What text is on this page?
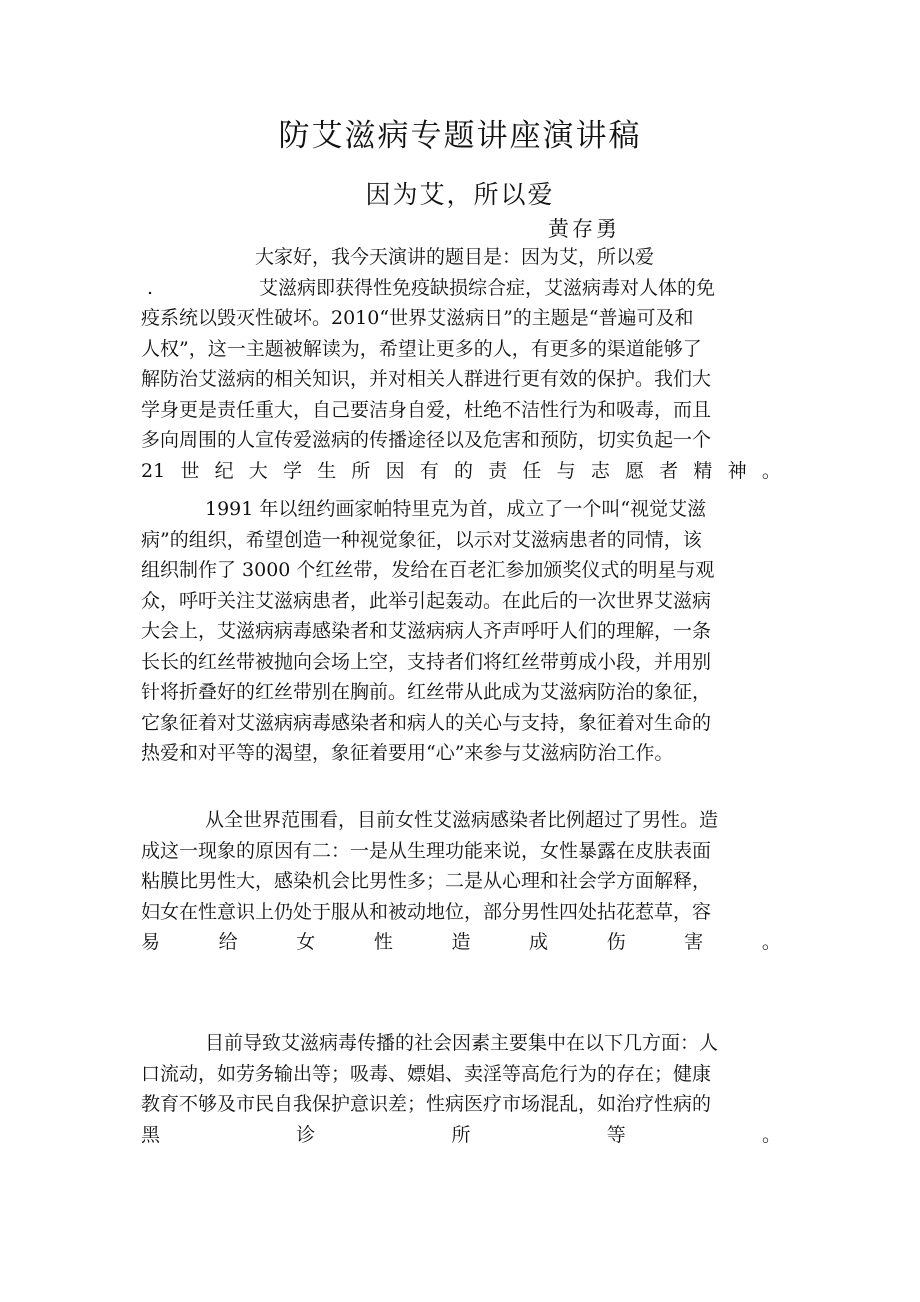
防艾滋病专题讲座演讲稿
因为艾，所以爱
黄存勇
大家好，我今天演讲的题目是：因为艾，所以爱
.	艾滋病即获得性免疫缺损综合症，艾滋病毒对人体的免
疫系统以毁灭性破坏。2010“世界艾滋病日”的主题是“普遍可及和
人权”，这一主题被解读为，希望让更多的人，有更多的渠道能够了
解防治艾滋病的相关知识，并对相关人群进行更有效的保护。我们大
学身更是责任重大，自己要洁身自爱，杜绝不洁性行为和吸毒，而且
多向周围的人宣传爱滋病的传播途径以及危害和预防，切实负起一个
21 世 纪 大 学 生 所 因 有 的 责 任 与 志 愿 者 精 神 。
1991 年以纽约画家帕特里克为首，成立了一个叫“视觉艾滋
病”的组织，希望创造一种视觉象征，以示对艾滋病患者的同情，该
组织制作了 3000 个红丝带，发给在百老汇参加颁奖仪式的明星与观
众，呼吁关注艾滋病患者，此举引起轰动。在此后的一次世界艾滋病
大会上，艾滋病病毒感染者和艾滋病病人齐声呼吁人们的理解，一条
长长的红丝带被抛向会场上空，支持者们将红丝带剪成小段，并用别
针将折叠好的红丝带别在胸前。红丝带从此成为艾滋病防治的象征，
它象征着对艾滋病病毒感染者和病人的关心与支持，象征着对生命的
热爱和对平等的渴望，象征着要用“心”来参与艾滋病防治工作。
从全世界范围看，目前女性艾滋病感染者比例超过了男性。造
成这一现象的原因有二：一是从生理功能来说，女性暴露在皮肤表面
粘膜比男性大，感染机会比男性多；二是从心理和社会学方面解释，
妇女在性意识上仍处于服从和被动地位，部分男性四处拈花惹草，容
易	给	女	性	造	成	伤	害	。
目前导致艾滋病毒传播的社会因素主要集中在以下几方面：人
口流动，如劳务输出等；吸毒、嫖娼、卖淫等高危行为的存在；健康
教育不够及市民自我保护意识差；性病医疗市场混乱，如治疗性病的
黑	诊	所	等	。
